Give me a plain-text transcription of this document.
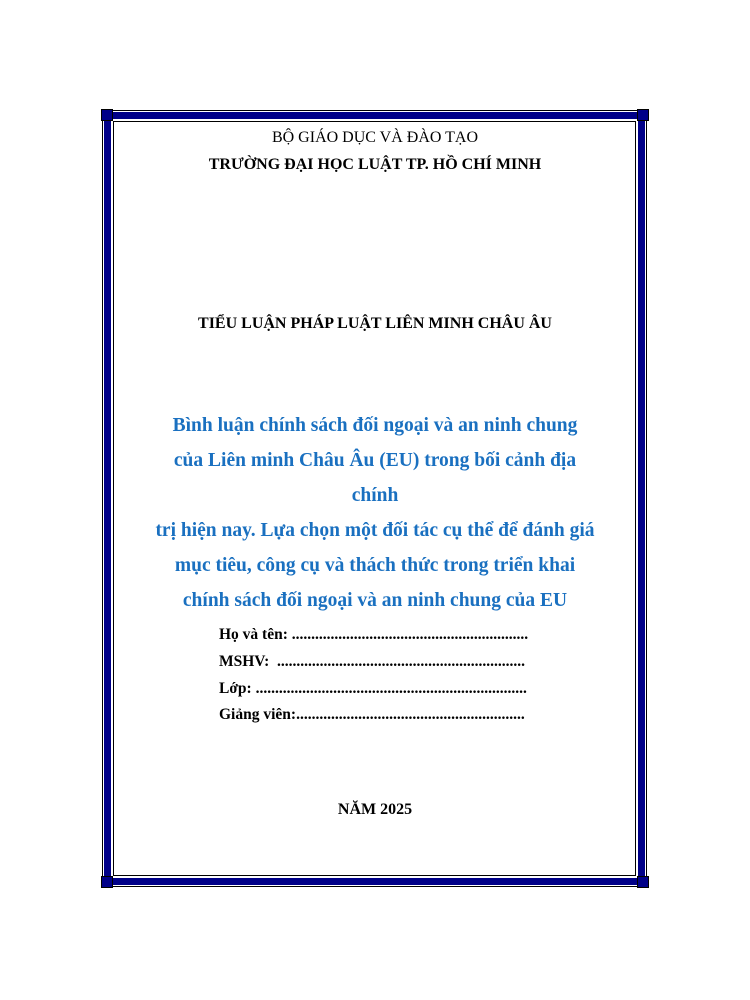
BỘ GIÁO DỤC VÀ ĐÀO TẠO
TRƯỜNG ĐẠI HỌC LUẬT TP. HỒ CHÍ MINH
TIỂU LUẬN PHÁP LUẬT LIÊN MINH CHÂU ÂU
Bình luận chính sách đối ngoại và an ninh chung
của Liên minh Châu Âu (EU) trong bối cảnh địa chính
trị hiện nay. Lựa chọn một đối tác cụ thể để đánh giá
mục tiêu, công cụ và thách thức trong triển khai
chính sách đối ngoại và an ninh chung của EU
Họ và tên: .............................................................
MSHV:  ................................................................
Lớp: ......................................................................
Giảng viên:...........................................................
NĂM 2025
